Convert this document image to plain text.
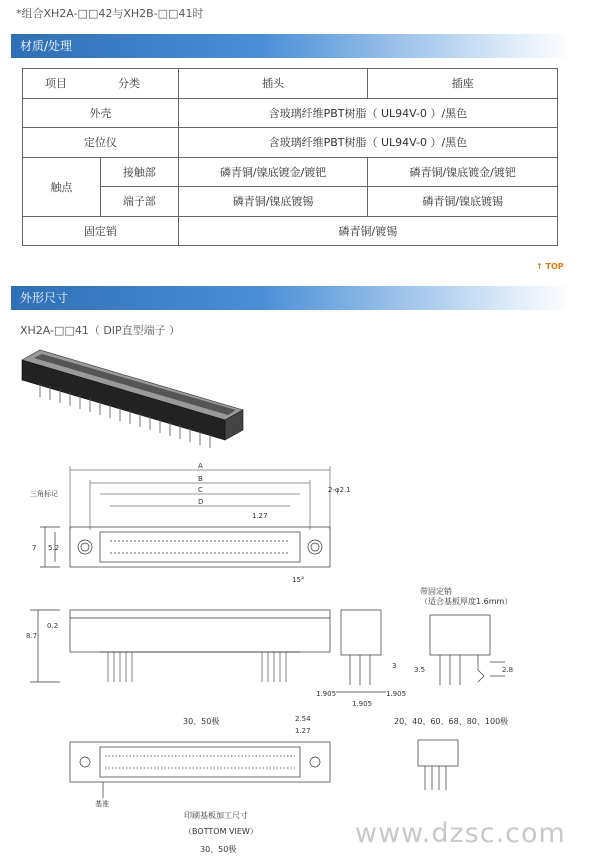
*组合XH2A-□□42与XH2B-□□41时
材质/处理
项目 分类		插头	插座
外壳		含玻璃纤维PBT树脂（ UL94V-0 ）/黑色	
定位仪		含玻璃纤维PBT树脂（ UL94V-0 ）/黑色	
触点	接触部	磷青铜/镍底镀金/镀钯	磷青铜/镍底镀金/镀钯
	端子部	磷青铜/镍底镀锡	磷青铜/镍底镀锡
固定销		磷青铜/镀锡	
↑ TOP
外形尺寸
XH2A-□□41（ DIP直型端子 ）
A
B
C
D
三角标记	2-φ2.1
1.27
7 5.2
15°
0.2
8.7
1.905	1.905
1.905
3
带固定销
（适合基板厚度1.6mm）
3.5	2.8
30、50极	2.54
1.27
20、40、60、68、80、100极
基准
印刷基板加工尺寸
（BOTTOM VIEW）
30、50极
www.dzsc.com
